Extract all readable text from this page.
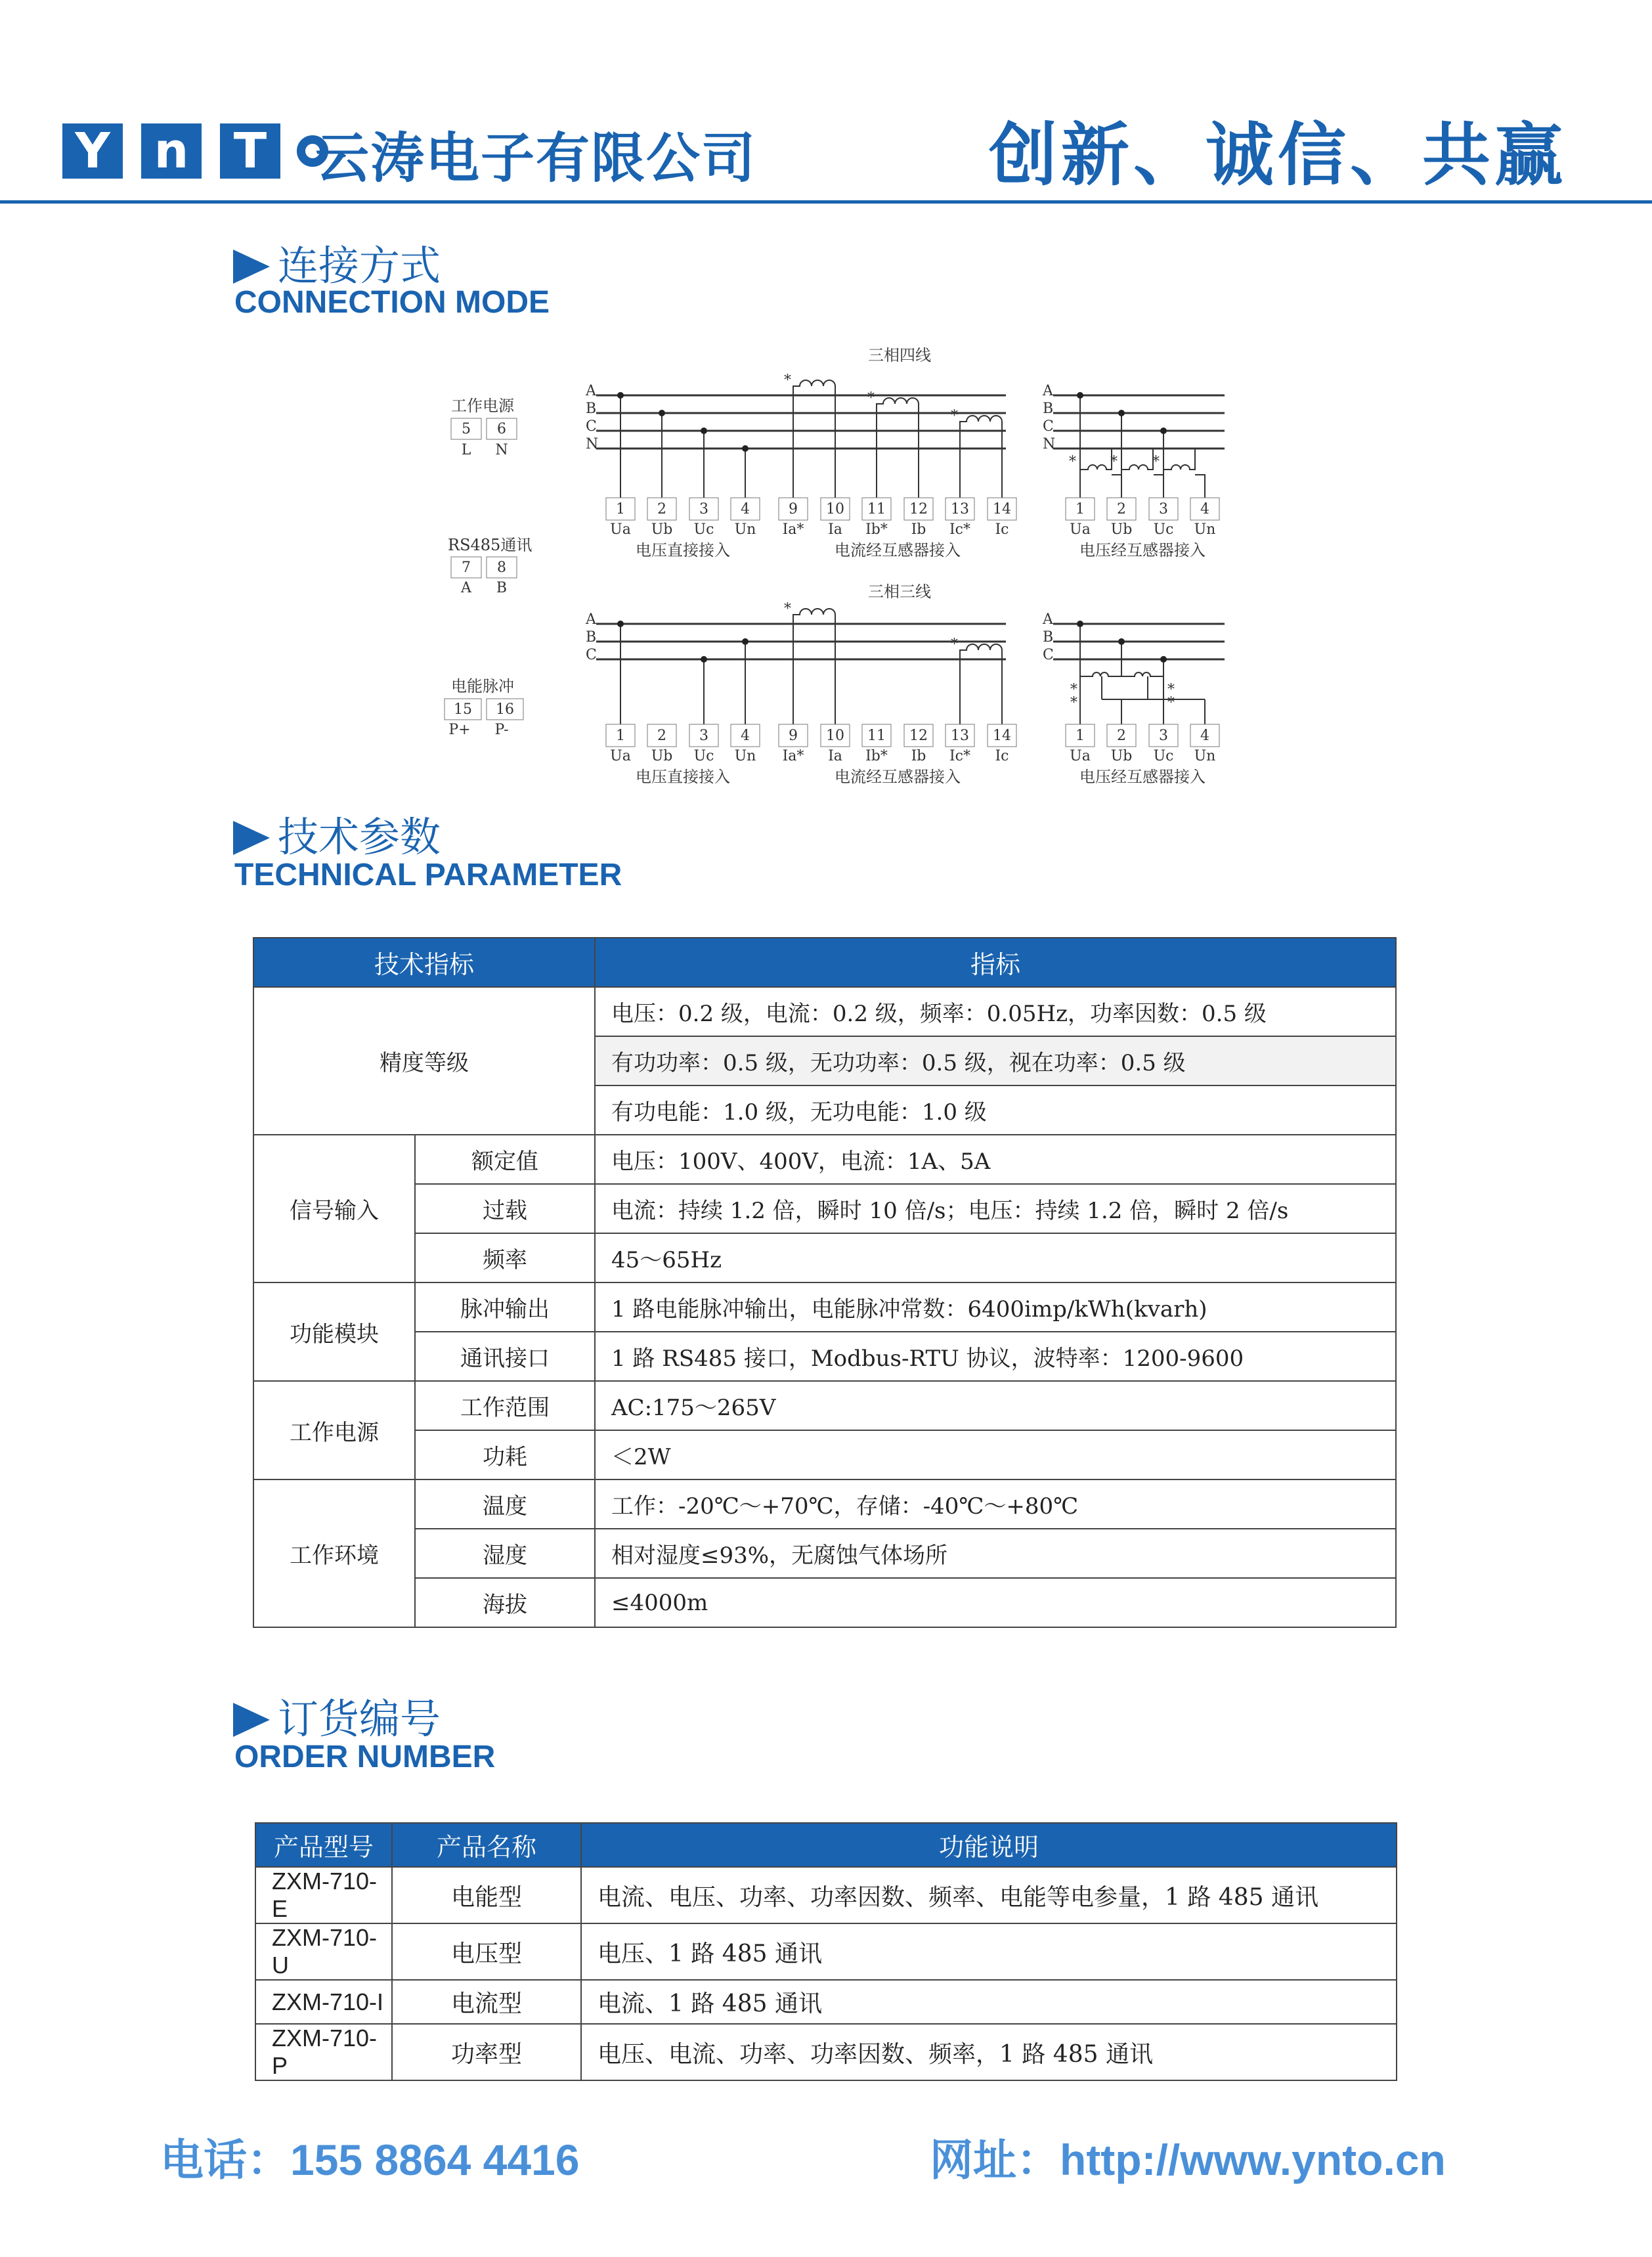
Y n T 云涛电子有限公司	创新、诚信、共赢
连接方式
CONNECTION MODE
工作电源
5 6
L N
RS485通讯
7 8
A B
电能脉冲
15 16
P+ P-
三相四线
A
B
C
N
*
*
*
1 2 3 4	9 10 11 12 13 14
Ua Ub Uc Un Ia* Ia Ib* Ib Ic* Ic
电压直接接入	电流经互感器接入
A
B
C
N
* * *
1 2 3 4
Ua Ub Uc Un
电压经互感器接入
三相三线
A
B
C
*
*
1 2 3 4	9 10 11 12 13 14
Ua Ub Uc Un Ia* Ia Ib* Ib Ic* Ic
电压直接接入	电流经互感器接入
A
B
C
*
*
*
*
1 2 3 4
Ua Ub Uc Un
电压经互感器接入
技术参数
TECHNICAL PARAMETER
技术指标		指标
精度等级		电压：0.2 级，电流：0.2 级，频率：0.05Hz，功率因数：0.5 级
		有功功率：0.5 级，无功功率：0.5 级，视在功率：0.5 级
		有功电能：1.0 级，无功电能：1.0 级
信号输入	额定值	电压：100V、400V，电流：1A、5A
	过载	电流：持续 1.2 倍，瞬时 10 倍/s；电压：持续 1.2 倍，瞬时 2 倍/s
	频率	45～65Hz
功能模块	脉冲输出	1 路电能脉冲输出，电能脉冲常数：6400imp/kWh(kvarh)
	通讯接口	1 路 RS485 接口，Modbus-RTU 协议，波特率：1200-9600
工作电源	工作范围	AC:175～265V
	功耗	＜2W
工作环境	温度	工作：-20℃～+70℃，存储：-40℃～+80℃
	湿度	相对湿度≤93%，无腐蚀气体场所
	海拔	≤4000m
订货编号
ORDER NUMBER
产品型号	产品名称	功能说明
ZXM-710-E	电能型	电流、电压、功率、功率因数、频率、电能等电参量，1 路 485 通讯
ZXM-710-U	电压型	电压、1 路 485 通讯
ZXM-710-I	电流型	电流、1 路 485 通讯
ZXM-710-P	功率型	电压、电流、功率、功率因数、频率，1 路 485 通讯
电话：155 8864 4416	网址：http://www.ynto.cn
